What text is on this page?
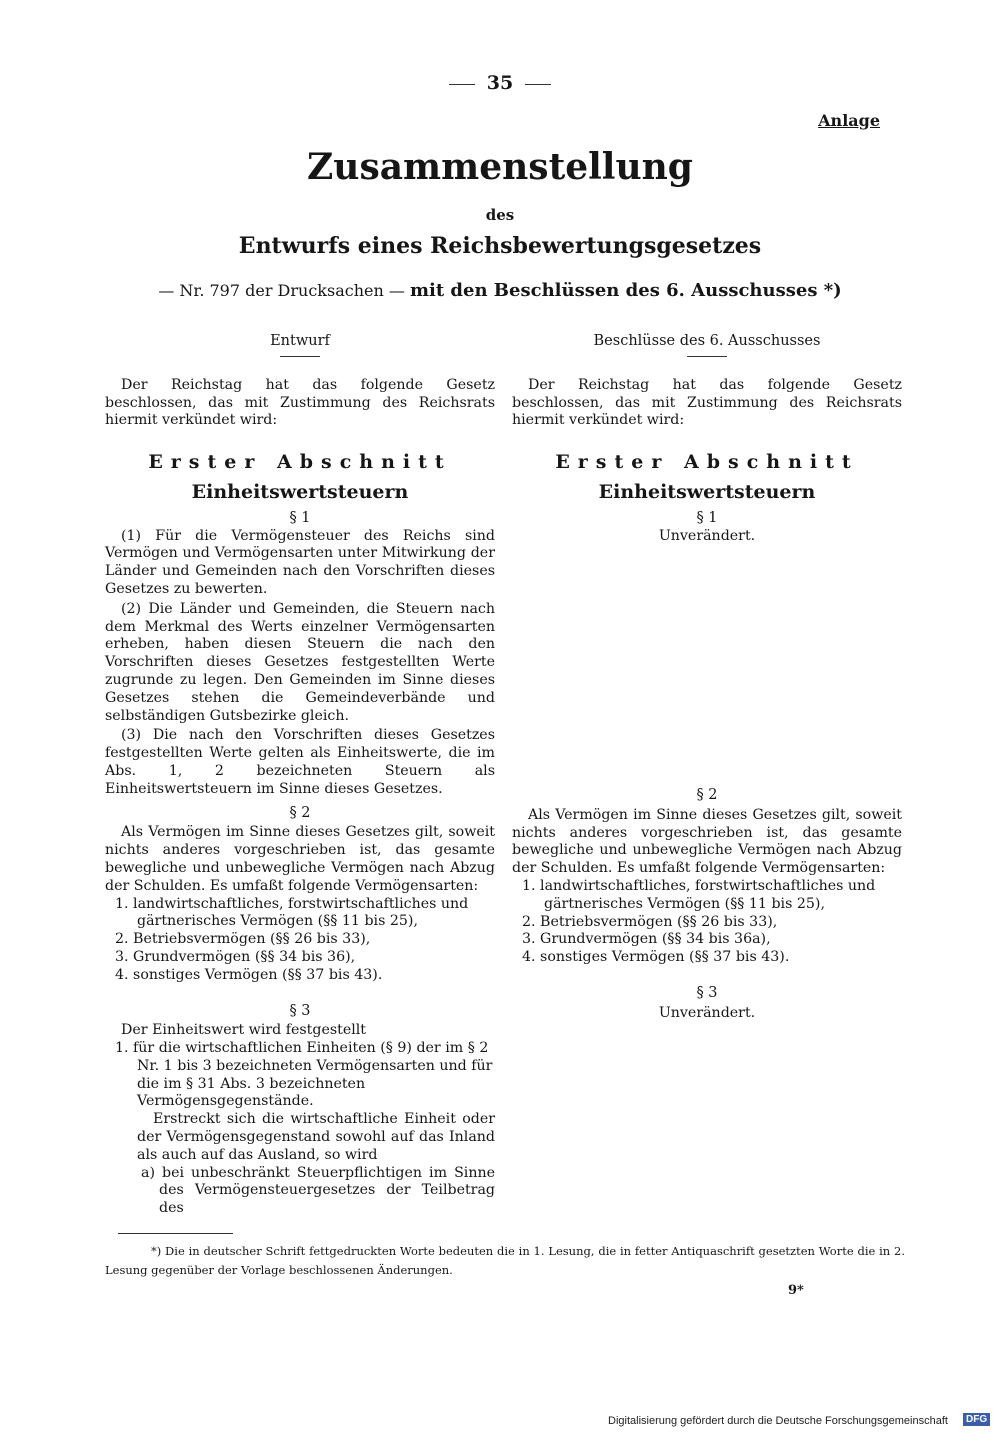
35
Anlage
Zusammenstellung
des
Entwurfs eines Reichsbewertungsgesetzes
— Nr. 797 der Drucksachen — mit den Beschlüssen des 6. Ausschusses *)
Entwurf

Der Reichstag hat das folgende Gesetz beschlossen, das mit Zustimmung des Reichsrats hiermit verkündet wird:

Erster Abschnitt
Einheitswertsteuern
§ 1

(1) Für die Vermögensteuer des Reichs sind Vermögen und Vermögensarten unter Mitwirkung der Länder und Gemeinden nach den Vorschriften dieses Gesetzes zu bewerten.

(2) Die Länder und Gemeinden, die Steuern nach dem Merkmal des Werts einzelner Vermögensarten erheben, haben diesen Steuern die nach den Vorschriften dieses Gesetzes festgestellten Werte zugrunde zu legen. Den Gemeinden im Sinne dieses Gesetzes stehen die Gemeindeverbände und selbständigen Gutsbezirke gleich.

(3) Die nach den Vorschriften dieses Gesetzes festgestellten Werte gelten als Einheitswerte, die im Abs. 1, 2 bezeichneten Steuern als Einheitswertsteuern im Sinne dieses Gesetzes.

§ 2

Als Vermögen im Sinne dieses Gesetzes gilt, soweit nichts anderes vorgeschrieben ist, das gesamte bewegliche und unbewegliche Vermögen nach Abzug der Schulden. Es umfaßt folgende Vermögensarten:

1. landwirtschaftliches, forstwirtschaftliches und gärtnerisches Vermögen (§§ 11 bis 25),
2. Betriebsvermögen (§§ 26 bis 33),
3. Grundvermögen (§§ 34 bis 36),
4. sonstiges Vermögen (§§ 37 bis 43).
§ 3

Der Einheitswert wird festgestellt

1. für die wirtschaftlichen Einheiten (§ 9) der im § 2 Nr. 1 bis 3 bezeichneten Vermögensarten und für die im § 31 Abs. 3 bezeichneten Vermögensgegenstände.

Erstreckt sich die wirtschaftliche Einheit oder der Vermögensgegenstand sowohl auf das Inland als auch auf das Ausland, so wird

a) bei unbeschränkt Steuerpflichtigen im Sinne des Vermögensteuergesetzes der Teilbetrag des

Beschlüsse des 6. Ausschusses

Der Reichstag hat das folgende Gesetz beschlossen, das mit Zustimmung des Reichsrats hiermit verkündet wird:

Erster Abschnitt
Einheitswertsteuern
§ 1
Unverändert.
§ 2

Als Vermögen im Sinne dieses Gesetzes gilt, soweit nichts anderes vorgeschrieben ist, das gesamte bewegliche und unbewegliche Vermögen nach Abzug der Schulden. Es umfaßt folgende Vermögensarten:

1. landwirtschaftliches, forstwirtschaftliches und gärtnerisches Vermögen (§§ 11 bis 25),
2. Betriebsvermögen (§§ 26 bis 33),
3. Grundvermögen (§§ 34 bis 36a),
4. sonstiges Vermögen (§§ 37 bis 43).
§ 3
Unverändert.

*) Die in deutscher Schrift fettgedruckten Worte bedeuten die in 1. Lesung, die in fetter Antiquaschrift gesetzten Worte die in 2. Lesung gegenüber der Vorlage beschlossenen Änderungen.

9*
Digitalisierung gefördert durch die Deutsche Forschungsgemeinschaft	DFG
